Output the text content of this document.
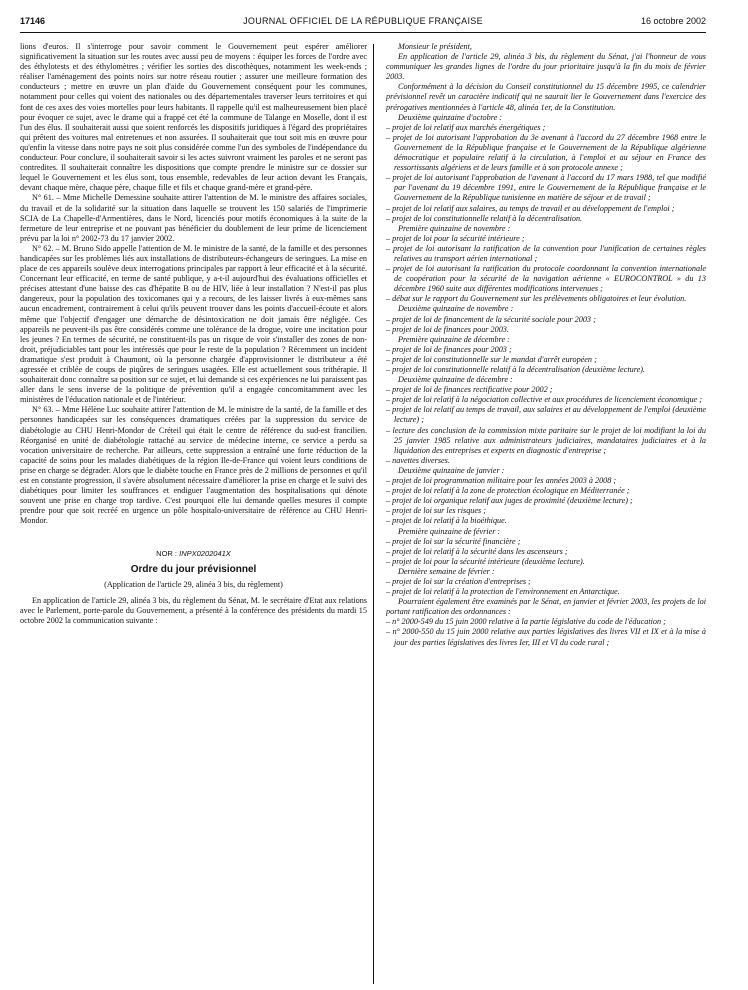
17146	JOURNAL OFFICIEL DE LA RÉPUBLIQUE FRANÇAISE	16 octobre 2002

lions d'euros. Il s'interroge pour savoir comment le Gouvernement peut espérer améliorer significativement la situation sur les routes avec aussi peu de moyens : équiper les forces de l'ordre avec des éthylotests et des éthylomètres ; vérifier les sorties des discothèques, notamment les week-ends ; réaliser l'aménagement des points noirs sur notre réseau routier ; assurer une meilleure formation des conducteurs ; mettre en œuvre un plan d'aide du Gouvernement conséquent pour les communes, notamment pour celles qui voient des nationales ou des départementales traverser leurs territoires et qui font de ces axes des voies mortelles pour leurs habitants. Il rappelle qu'il est malheureusement bien placé pour évoquer ce sujet, avec le drame qui a frappé cet été la commune de Talange en Moselle, dont il est l'un des élus. Il souhaiterait aussi que soient renforcés les dispositifs juridiques à l'égard des propriétaires qui prêtent des voitures mal entretenues et non assurées. Il souhaiterait que tout soit mis en œuvre pour qu'enfin la vitesse dans notre pays ne soit plus considérée comme l'un des symboles de l'indépendance du conducteur. Pour conclure, il souhaiterait savoir si les actes suivront vraiment les paroles et ne seront pas contredites. Il souhaiterait connaître les dispositions que compte prendre le ministre sur ce dossier sur lequel le Gouvernement et les élus sont, tous ensemble, redevables de leur action devant les Français, devant chaque mère, chaque père, chaque fille et fils et chaque grand-mère et grand-père.

N° 61. – Mme Michelle Demessine souhaite attirer l'attention de M. le ministre des affaires sociales, du travail et de la solidarité sur la situation dans laquelle se trouvent les 150 salariés de l'imprimerie SCIA de La Chapelle-d'Armentières, dans le Nord, licenciés pour motifs économiques à la suite de la fermeture de leur entreprise et ne pouvant pas bénéficier du doublement de leur prime de licenciement prévu par la loi n° 2002-73 du 17 janvier 2002.

N° 62. – M. Bruno Sido appelle l'attention de M. le ministre de la santé, de la famille et des personnes handicapées sur les problèmes liés aux installations de distributeurs-échangeurs de seringues. La mise en place de ces appareils soulève deux interrogations principales par rapport à leur efficacité et à la sécurité. Concernant leur efficacité, en terme de santé publique, y a-t-il aujourd'hui des évaluations officielles et précises attestant d'une baisse des cas d'hépatite B ou de HIV, liée à leur installation ? N'est-il pas plus dangereux, pour la population des toxicomanes qui y a recours, de les laisser livrés à eux-mêmes sans aucun encadrement, contrairement à celui qu'ils peuvent trouver dans les points d'accueil-écoute et alors même que l'objectif d'engager une démarche de désintoxication ne doit jamais être négligée. Ces appareils ne peuvent-ils pas être considérés comme une tolérance de la drogue, voire une incitation pour les jeunes ? En termes de sécurité, ne constituent-ils pas un risque de voir s'installer des zones de non-droit, préjudiciables tant pour les intéressés que pour le reste de la population ? Récemment un incident dramatique s'est produit à Chaumont, où la personne chargée d'approvisionner le distributeur a été agressée et criblée de coups de piqûres de seringues usagées. Elle est actuellement sous trithérapie. Il souhaiterait donc connaître sa position sur ce sujet, et lui demande si ces expériences ne lui paraissent pas aller dans le sens inverse de la politique de prévention qu'il a engagée concomitamment avec les ministères de l'éducation nationale et de l'intérieur.

N° 63. – Mme Hélène Luc souhaite attirer l'attention de M. le ministre de la santé, de la famille et des personnes handicapées sur les conséquences dramatiques créées par la suppression du service de diabétologie au CHU Henri-Mondor de Créteil qui était le centre de référence du sud-est francilien. Réorganisé en unité de diabétologie rattaché au service de médecine interne, ce service a perdu sa vocation universitaire de recherche. Par ailleurs, cette suppression a entraîné une forte réduction de la capacité de soins pour les malades diabétiques de la région Ile-de-France qui voient leurs conditions de prise en charge se dégrader. Alors que le diabète touche en France près de 2 millions de personnes et qu'il est en constante progression, il s'avère absolument nécessaire d'améliorer la prise en charge et le suivi des diabétiques pour limiter les souffrances et endiguer l'augmentation des hospitalisations qui dénote souvent une prise en charge trop tardive. C'est pourquoi elle lui demande quelles mesures il compte prendre pour que soit recréé en urgence un pôle hospitalo-universitaire de référence au CHU Henri-Mondor.

NOR : INPX0202041X
Ordre du jour prévisionnel

(Application de l'article 29, alinéa 3 bis, du règlement)

En application de l'article 29, alinéa 3 bis, du règlement du Sénat, M. le secrétaire d'Etat aux relations avec le Parlement, porte-parole du Gouvernement, a présenté à la conférence des présidents du mardi 15 octobre 2002 la communication suivante :

Monsieur le président,

En application de l'article 29, alinéa 3 bis, du règlement du Sénat, j'ai l'honneur de vous communiquer les grandes lignes de l'ordre du jour prioritaire jusqu'à la fin du mois de février 2003.

Conformément à la décision du Conseil constitutionnel du 15 décembre 1995, ce calendrier prévisionnel revêt un caractère indicatif qui ne saurait lier le Gouvernement dans l'exercice des prérogatives mentionnées à l'article 48, alinéa 1er, de la Constitution.

Deuxième quinzaine d'octobre :

– projet de loi relatif aux marchés énergétiques ;
– projet de loi autorisant l'approbation du 3e avenant à l'accord du 27 décembre 1968 entre le Gouvernement de la République française et le Gouvernement de la République algérienne démocratique et populaire relatif à la circulation, à l'emploi et au séjour en France des ressortissants algériens et de leurs famille et à son protocole annexe ;
– projet de loi autorisant l'approbation de l'avenant à l'accord du 17 mars 1988, tel que modifié par l'avenant du 19 décembre 1991, entre le Gouvernement de la République française et le Gouvernement de la République tunisienne en matière de séjour et de travail ;
– projet de loi relatif aux salaires, au temps de travail et au développement de l'emploi ;
– projet de loi constitutionnelle relatif à la décentralisation.

Première quinzaine de novembre :

– projet de loi pour la sécurité intérieure ;
– projet de loi autorisant la ratification de la convention pour l'unification de certaines règles relatives au transport aérien international ;
– projet de loi autorisant la ratification du protocole coordonnant la convention internationale de coopération pour la sécurité de la navigation aérienne « EUROCONTROL » du 13 décembre 1960 suite aux différentes modifications intervenues ;
– débat sur le rapport du Gouvernement sur les prélèvements obligatoires et leur évolution.

Deuxième quinzaine de novembre :

– projet de loi de financement de la sécurité sociale pour 2003 ;
– projet de loi de finances pour 2003.

Première quinzaine de décembre :

– projet de loi de finances pour 2003 ;
– projet de loi constitutionnelle sur le mandat d'arrêt européen ;
– projet de loi constitutionnelle relatif à la décentralisation (deuxième lecture).

Deuxième quinzaine de décembre :

– projet de loi de finances rectificative pour 2002 ;
– projet de loi relatif à la négociation collective et aux procédures de licenciement économique ;
– projet de loi relatif au temps de travail, aux salaires et au développement de l'emploi (deuxième lecture) ;
– lecture des conclusion de la commission mixte paritaire sur le projet de loi modifiant la loi du 25 janvier 1985 relative aux administrateurs judiciaires, mandataires judiciaires et à la liquidation des entreprises et experts en diagnostic d'entreprise ;
– navettes diverses.

Deuxième quinzaine de janvier :

– projet de loi programmation militaire pour les années 2003 à 2008 ;
– projet de loi relatif à la zone de protection écologique en Méditerranée ;
– projet de loi organique relatif aux juges de proximité (deuxième lecture) ;
– projet de loi sur les risques ;
– projet de loi relatif à la bioéthique.

Première quinzaine de février :

– projet de loi sur la sécurité financière ;
– projet de loi relatif à la sécurité dans les ascenseurs ;
– projet de loi pour la sécurité intérieure (deuxième lecture).

Dernière semaine de février :

– projet de loi sur la création d'entreprises ;
– projet de loi relatif à la protection de l'environnement en Antarctique.

Pourraient également être examinés par le Sénat, en janvier et février 2003, les projets de loi portant ratification des ordonnances :

– n° 2000-549 du 15 juin 2000 relative à la partie législative du code de l'éducation ;
– n° 2000-550 du 15 juin 2000 relative aux parties législatives des livres VII et IX et à la mise à jour des parties législatives des livres Ier, III et VI du code rural ;
